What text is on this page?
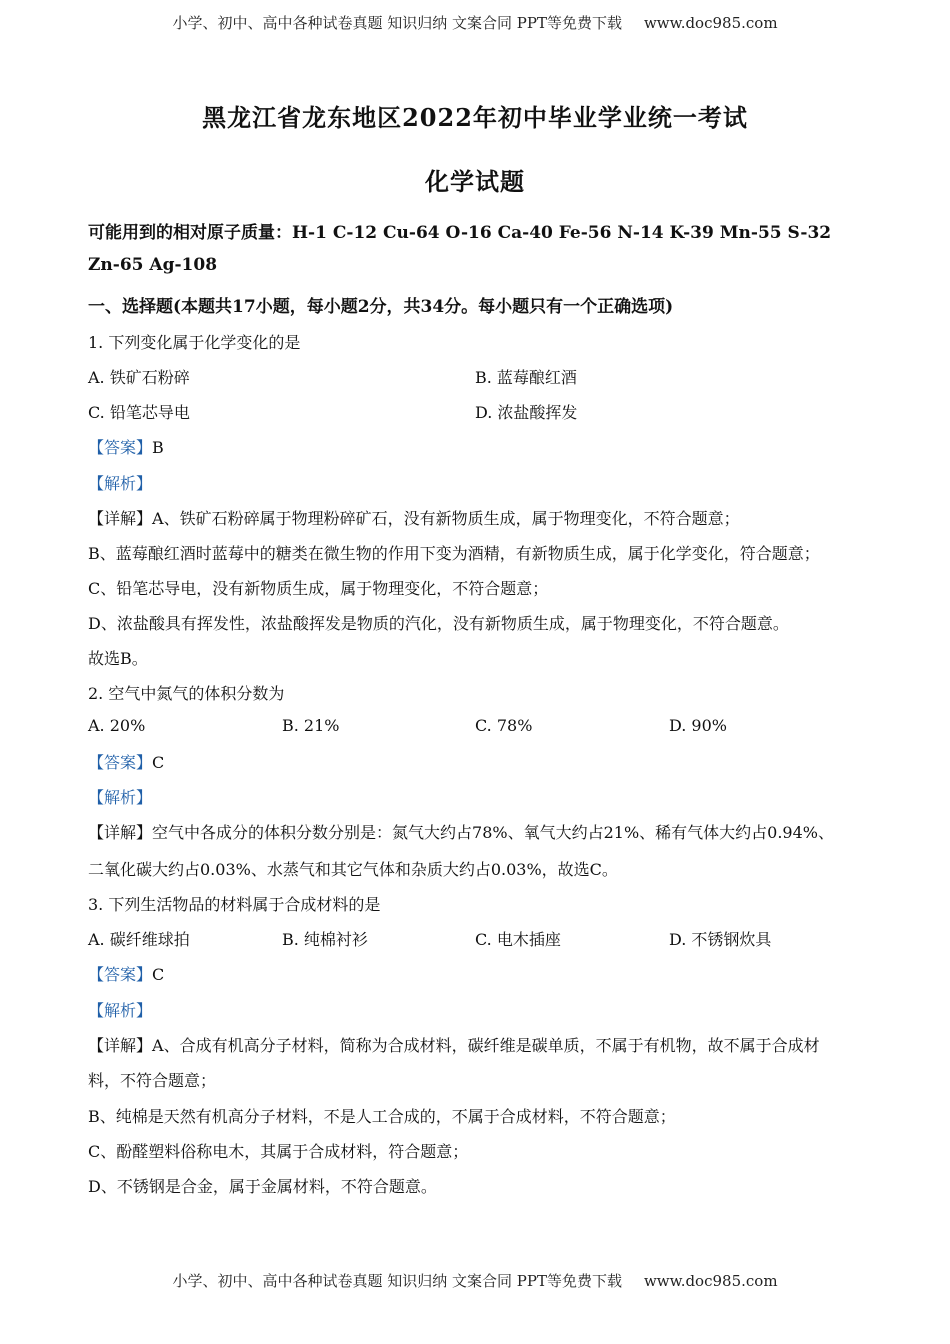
小学、初中、高中各种试卷真题 知识归纳 文案合同 PPT等免费下载 www.doc985.com
黑龙江省龙东地区2022年初中毕业学业统一考试
化学试题
可能用到的相对原子质量：H-1 C-12 Cu-64 O-16 Ca-40 Fe-56 N-14 K-39 Mn-55 S-32
Zn-65 Ag-108
一、选择题(本题共17小题，每小题2分，共34分。每小题只有一个正确选项)
1. 下列变化属于化学变化的是
A. 铁矿石粉碎	B. 蓝莓酿红酒
C. 铅笔芯导电	D. 浓盐酸挥发
【答案】B
【解析】
【详解】A、铁矿石粉碎属于物理粉碎矿石，没有新物质生成，属于物理变化，不符合题意；
B、蓝莓酿红酒时蓝莓中的糖类在微生物的作用下变为酒精，有新物质生成，属于化学变化，符合题意；
C、铅笔芯导电，没有新物质生成，属于物理变化，不符合题意；
D、浓盐酸具有挥发性，浓盐酸挥发是物质的汽化，没有新物质生成，属于物理变化，不符合题意。
故选B。
2. 空气中氮气的体积分数为
A. 20%	B. 21%	C. 78%	D. 90%
【答案】C
【解析】
【详解】空气中各成分的体积分数分别是：氮气大约占78%、氧气大约占21%、稀有气体大约占0.94%、
二氧化碳大约占0.03%、水蒸气和其它气体和杂质大约占0.03%，故选C。
3. 下列生活物品的材料属于合成材料的是
A. 碳纤维球拍	B. 纯棉衬衫	C. 电木插座	D. 不锈钢炊具
【答案】C
【解析】
【详解】A、合成有机高分子材料，简称为合成材料，碳纤维是碳单质，不属于有机物，故不属于合成材
料，不符合题意；
B、纯棉是天然有机高分子材料，不是人工合成的，不属于合成材料，不符合题意；
C、酚醛塑料俗称电木，其属于合成材料，符合题意；
D、不锈钢是合金，属于金属材料，不符合题意。
小学、初中、高中各种试卷真题 知识归纳 文案合同 PPT等免费下载 www.doc985.com
